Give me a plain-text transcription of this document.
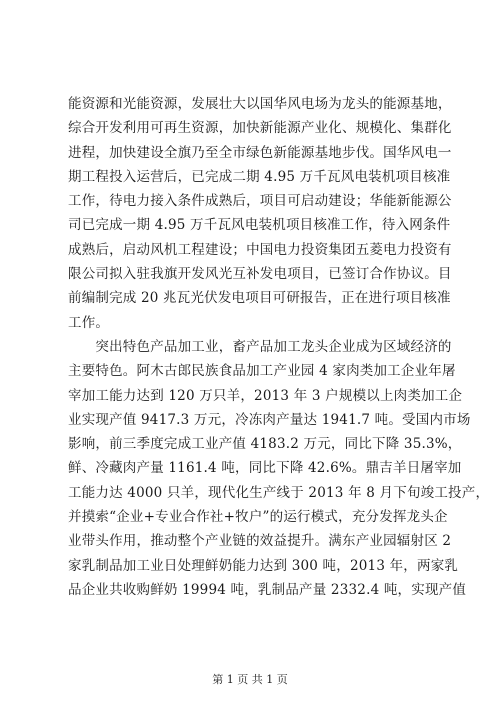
能资源和光能资源，发展壮大以国华风电场为龙头的能源基地，
综合开发利用可再生资源，加快新能源产业化、规模化、集群化
进程，加快建设全旗乃至全市绿色新能源基地步伐。国华风电一
期工程投入运营后，已完成二期 4.95 万千瓦风电装机项目核准
工作，待电力接入条件成熟后，项目可启动建设；华能新能源公
司已完成一期 4.95 万千瓦风电装机项目核准工作，待入网条件
成熟后，启动风机工程建设；中国电力投资集团五菱电力投资有
限公司拟入驻我旗开发风光互补发电项目，已签订合作协议。目
前编制完成 20 兆瓦光伏发电项目可研报告，正在进行项目核准
工作。
　　突出特色产品加工业，畜产品加工龙头企业成为区域经济的
主要特色。阿木古郎民族食品加工产业园 4 家肉类加工企业年屠
宰加工能力达到 120 万只羊，2013 年 3 户规模以上肉类加工企
业实现产值 9417.3 万元，冷冻肉产量达 1941.7 吨。受国内市场
影响，前三季度完成工业产值 4183.2 万元，同比下降 35.3%，
鲜、冷藏肉产量 1161.4 吨，同比下降 42.6%。鼎吉羊日屠宰加
工能力达 4000 只羊，现代化生产线于 2013 年 8 月下旬竣工投产，
并摸索“企业+专业合作社+牧户”的运行模式，充分发挥龙头企
业带头作用，推动整个产业链的效益提升。满东产业园辐射区 2
家乳制品加工业日处理鲜奶能力达到 300 吨，2013 年，两家乳
品企业共收购鲜奶 19994 吨，乳制品产量 2332.4 吨，实现产值
第 1 页 共 1 页
